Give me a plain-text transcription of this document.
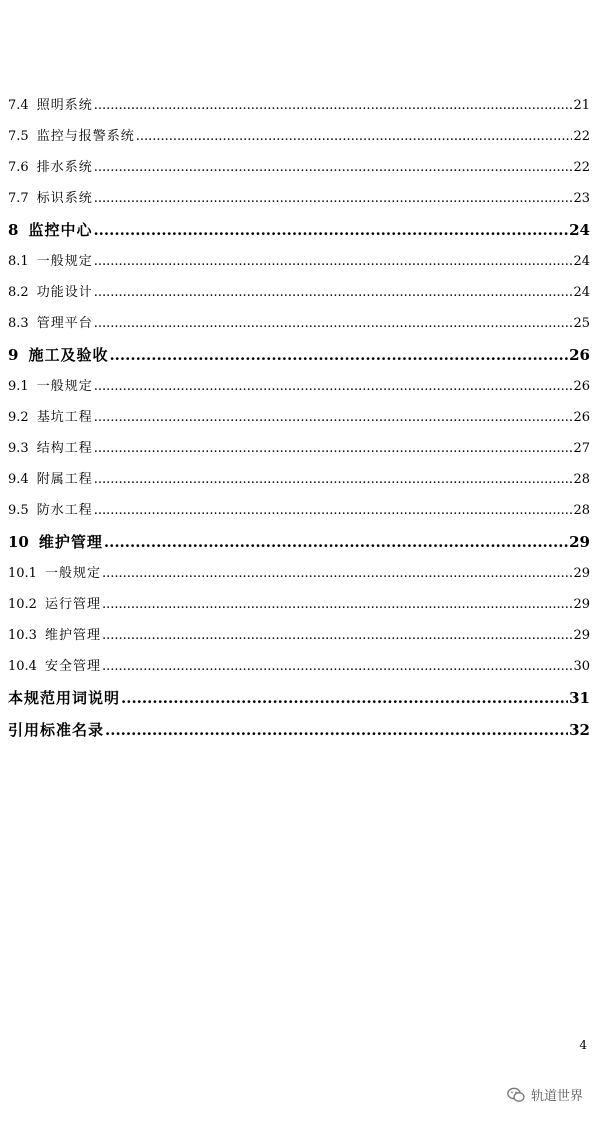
7.4 照明系统 .....	21
7.5 监控与报警系统 .....	22
7.6 排水系统 .....	22
7.7 标识系统 .....	23
8 监控中心 .....	24
8.1 一般规定 .....	24
8.2 功能设计 .....	24
8.3 管理平台 .....	25
9 施工及验收 .....	26
9.1 一般规定 .....	26
9.2 基坑工程 .....	26
9.3 结构工程 .....	27
9.4 附属工程 .....	28
9.5 防水工程 .....	28
10 维护管理 .....	29
10.1 一般规定 .....	29
10.2 运行管理 .....	29
10.3 维护管理 .....	29
10.4 安全管理 .....	30
本规范用词说明 .....	31
引用标准名录 .....	32
4
轨道世界
